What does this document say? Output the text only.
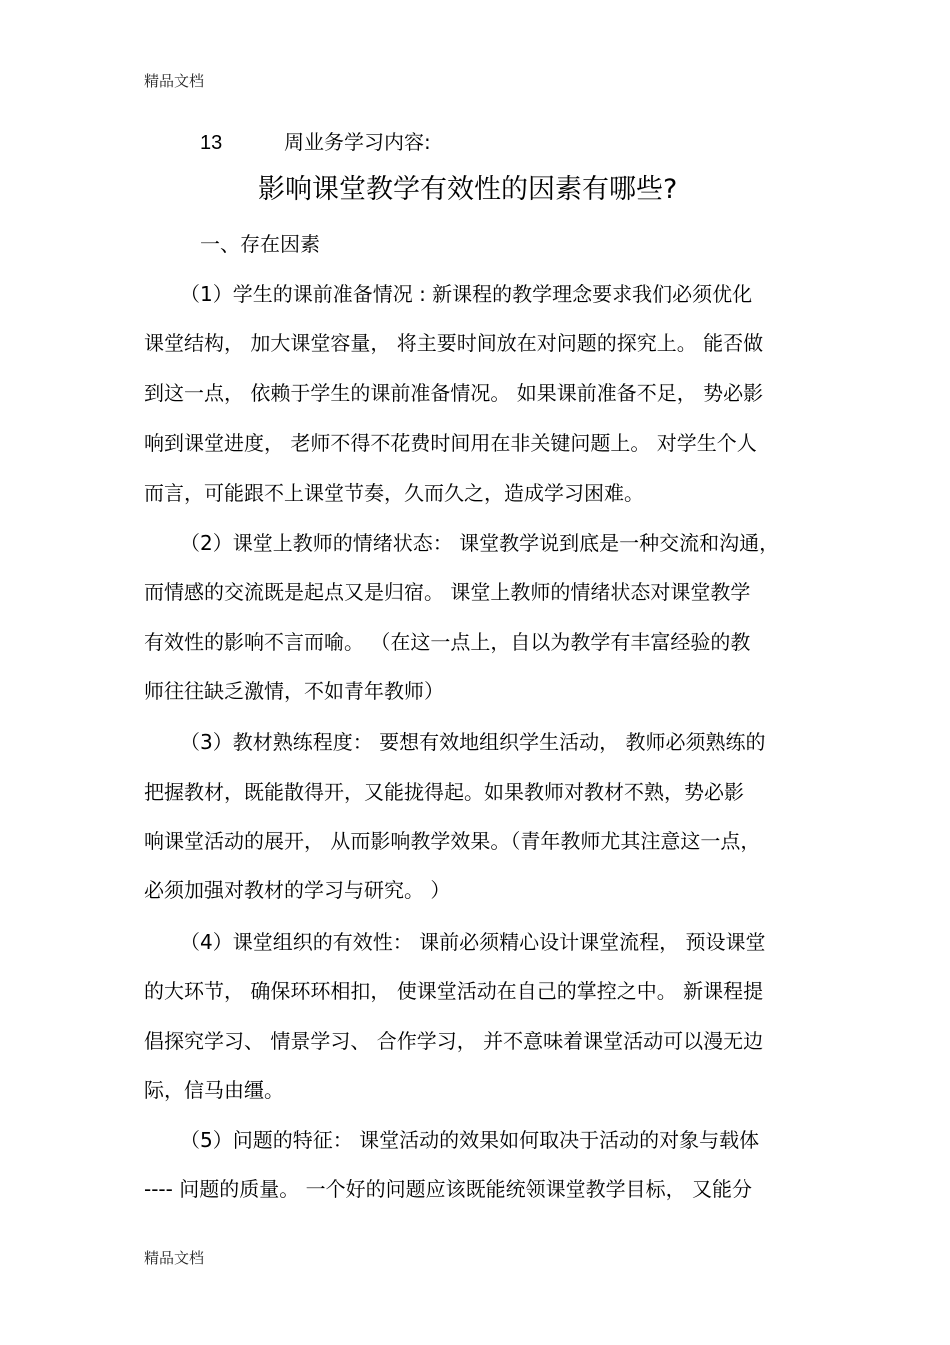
精品文档
13	周业务学习内容:
影响课堂教学有效性的因素有哪些?
一、存在因素
（1）学生的课前准备情况 : 新课程的教学理念要求我们必须优化
课堂结构， 加大课堂容量， 将主要时间放在对问题的探究上。 能否做
到这一点， 依赖于学生的课前准备情况。 如果课前准备不足， 势必影
响到课堂进度， 老师不得不花费时间用在非关键问题上。 对学生个人
而言，可能跟不上课堂节奏，久而久之，造成学习困难。
（2）课堂上教师的情绪状态： 课堂教学说到底是一种交流和沟通，
而情感的交流既是起点又是归宿。 课堂上教师的情绪状态对课堂教学
有效性的影响不言而喻。 （在这一点上，自以为教学有丰富经验的教
师往往缺乏激情，不如青年教师）
（3）教材熟练程度： 要想有效地组织学生活动， 教师必须熟练的
把握教材，既能散得开，又能拢得起。如果教师对教材不熟，势必影
响课堂活动的展开， 从而影响教学效果。（青年教师尤其注意这一点，
必须加强对教材的学习与研究。 ）
（4）课堂组织的有效性： 课前必须精心设计课堂流程， 预设课堂
的大环节， 确保环环相扣， 使课堂活动在自己的掌控之中。 新课程提
倡探究学习、 情景学习、 合作学习， 并不意味着课堂活动可以漫无边
际，信马由缰。
（5）问题的特征： 课堂活动的效果如何取决于活动的对象与载体
---- 问题的质量。 一个好的问题应该既能统领课堂教学目标， 又能分
精品文档
